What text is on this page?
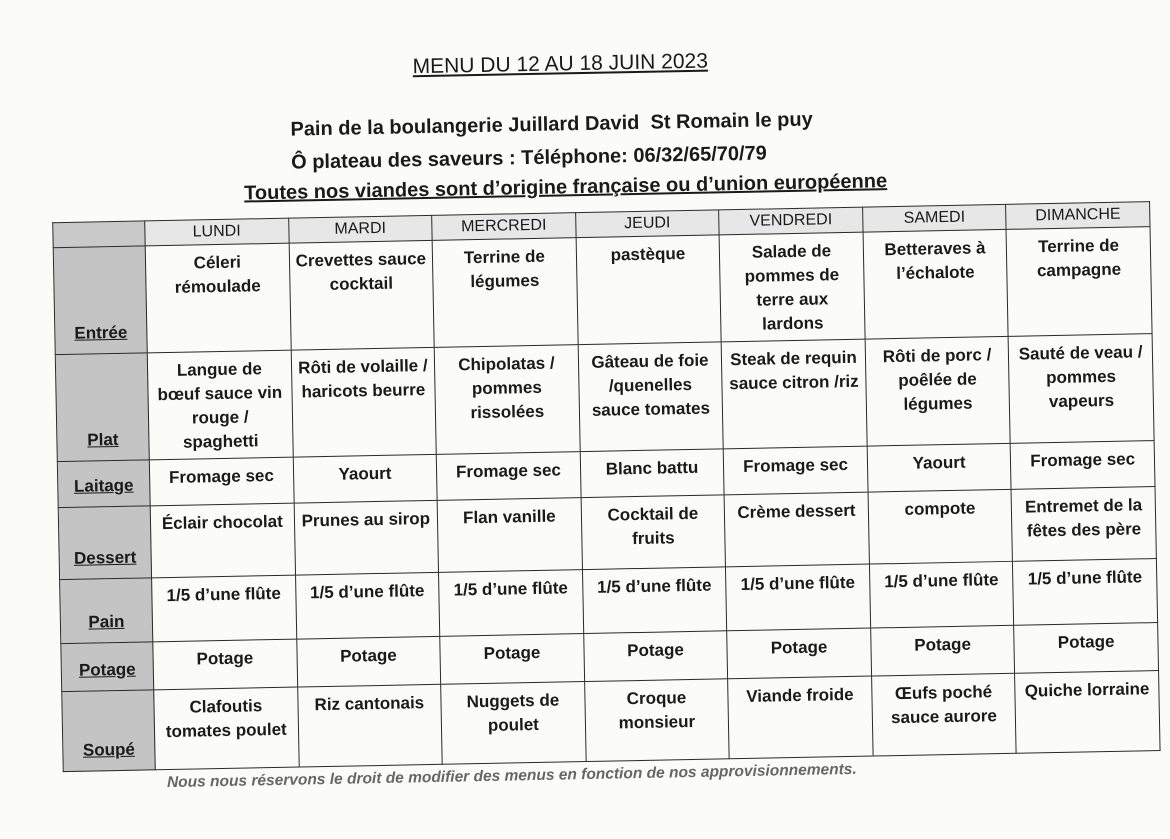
MENU DU 12 AU 18 JUIN 2023
Pain de la boulangerie Juillard David  St Romain le puy
Ô plateau des saveurs : Téléphone: 06/32/65/70/79
Toutes nos viandes sont d’origine française ou d’union européenne
	LUNDI	MARDI	MERCREDI	JEUDI	VENDREDI	SAMEDI	DIMANCHE
Entrée	Céleri rémoulade	Crevettes sauce cocktail	Terrine de légumes	pastèque	Salade de pommes de terre aux lardons	Betteraves à l’échalote	Terrine de campagne
Plat	Langue de bœuf sauce vin rouge / spaghetti	Rôti de volaille / haricots beurre	Chipolatas / pommes rissolées	Gâteau de foie /quenelles sauce tomates	Steak de requin sauce citron /riz	Rôti de porc / poêlée de légumes	Sauté de veau / pommes vapeurs
Laitage	Fromage sec	Yaourt	Fromage sec	Blanc battu	Fromage sec	Yaourt	Fromage sec
Dessert	Éclair chocolat	Prunes au sirop	Flan vanille	Cocktail de fruits	Crème dessert	compote	Entremet de la fêtes des père
Pain	1/5 d’une flûte	1/5 d’une flûte	1/5 d’une flûte	1/5 d’une flûte	1/5 d’une flûte	1/5 d’une flûte	1/5 d’une flûte
Potage	Potage	Potage	Potage	Potage	Potage	Potage	Potage
Soupé	Clafoutis tomates poulet	Riz cantonais	Nuggets de poulet	Croque monsieur	Viande froide	Œufs poché sauce aurore	Quiche lorraine
Nous nous réservons le droit de modifier des menus en fonction de nos approvisionnements.
